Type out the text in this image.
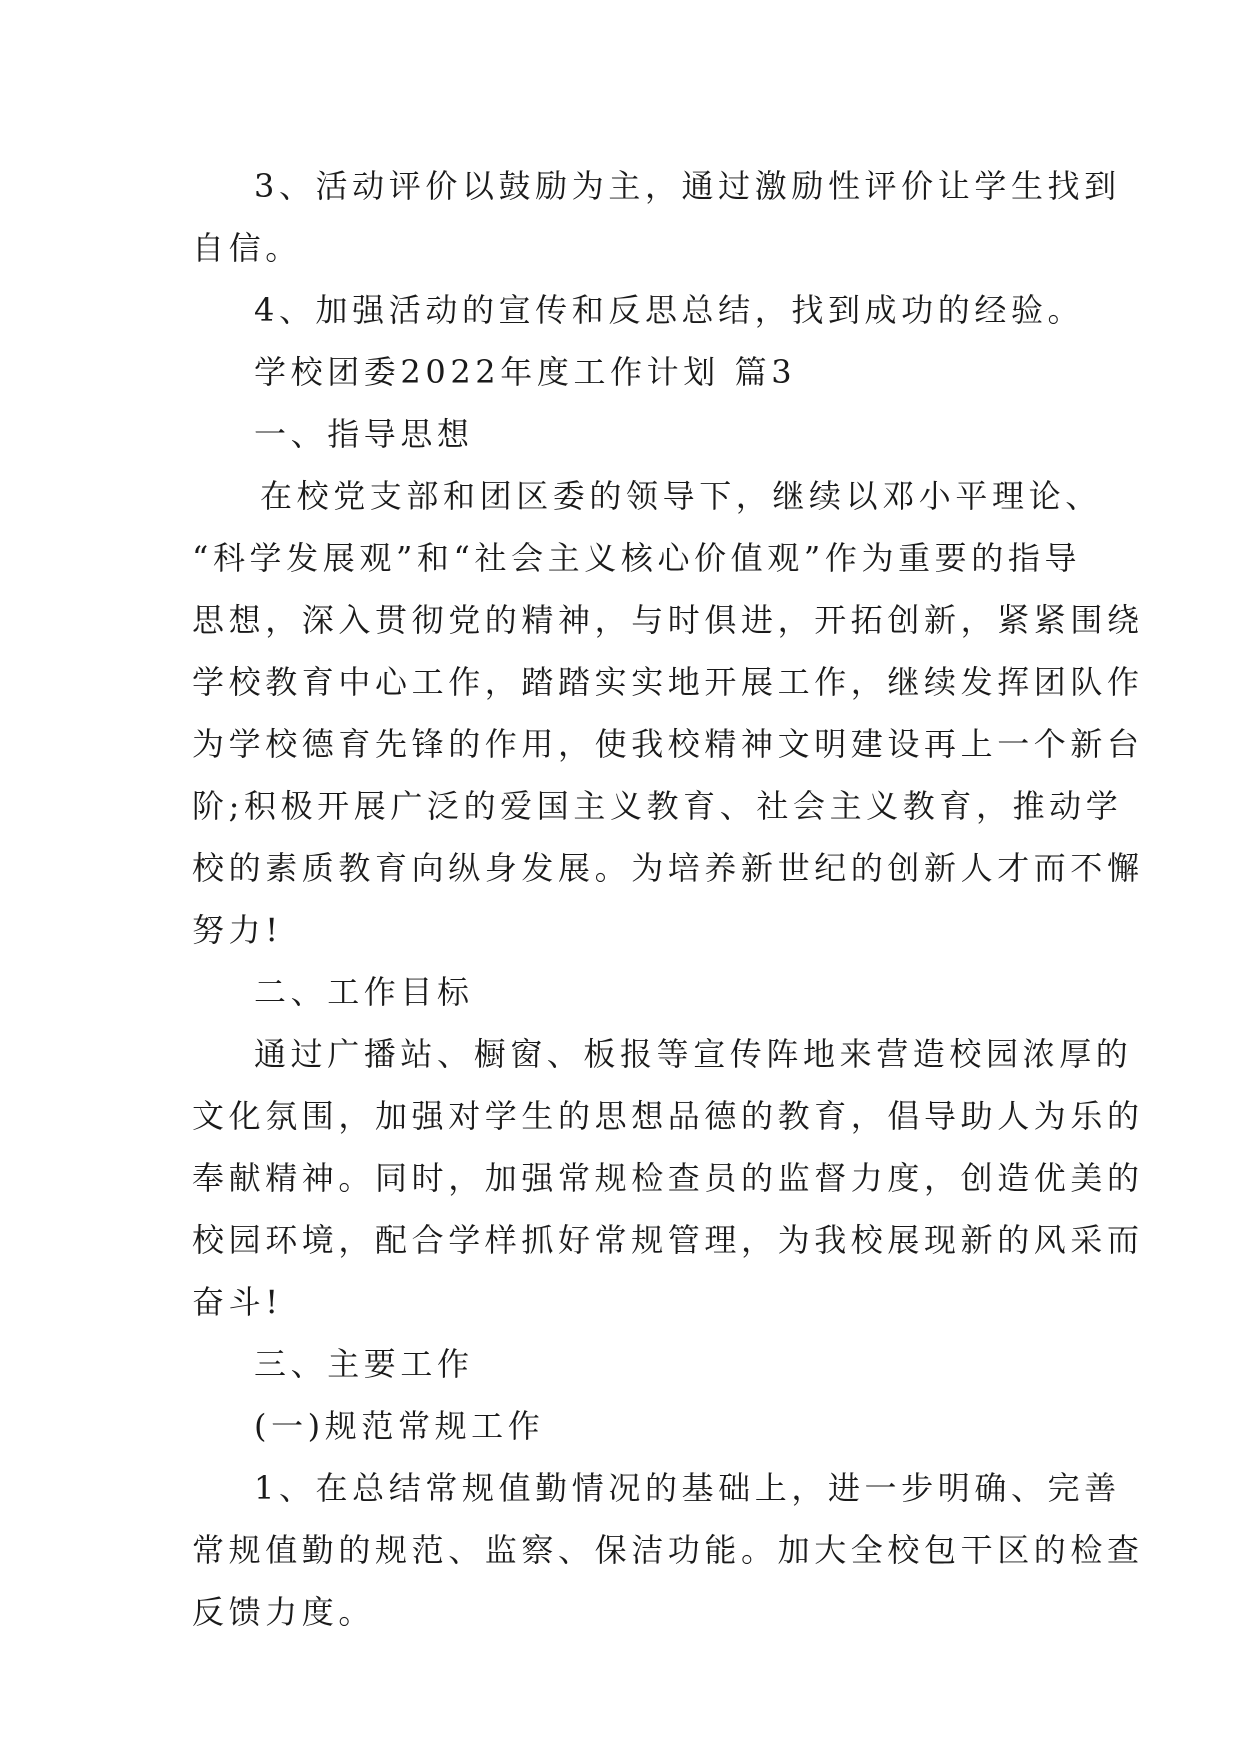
3、活动评价以鼓励为主，通过激励性评价让学生找到
自信。
4、加强活动的宣传和反思总结，找到成功的经验。
学校团委2022年度工作计划 篇3
一、指导思想
在校党支部和团区委的领导下，继续以邓小平理论、
“科学发展观”和“社会主义核心价值观”作为重要的指导
思想，深入贯彻党的精神，与时俱进，开拓创新，紧紧围绕
学校教育中心工作，踏踏实实地开展工作，继续发挥团队作
为学校德育先锋的作用，使我校精神文明建设再上一个新台
阶;积极开展广泛的爱国主义教育、社会主义教育，推动学
校的素质教育向纵身发展。为培养新世纪的创新人才而不懈
努力!
二、工作目标
通过广播站、橱窗、板报等宣传阵地来营造校园浓厚的
文化氛围，加强对学生的思想品德的教育，倡导助人为乐的
奉献精神。同时，加强常规检查员的监督力度，创造优美的
校园环境，配合学样抓好常规管理，为我校展现新的风采而
奋斗!
三、主要工作
(一)规范常规工作
1、在总结常规值勤情况的基础上，进一步明确、完善
常规值勤的规范、监察、保洁功能。加大全校包干区的检查
反馈力度。
